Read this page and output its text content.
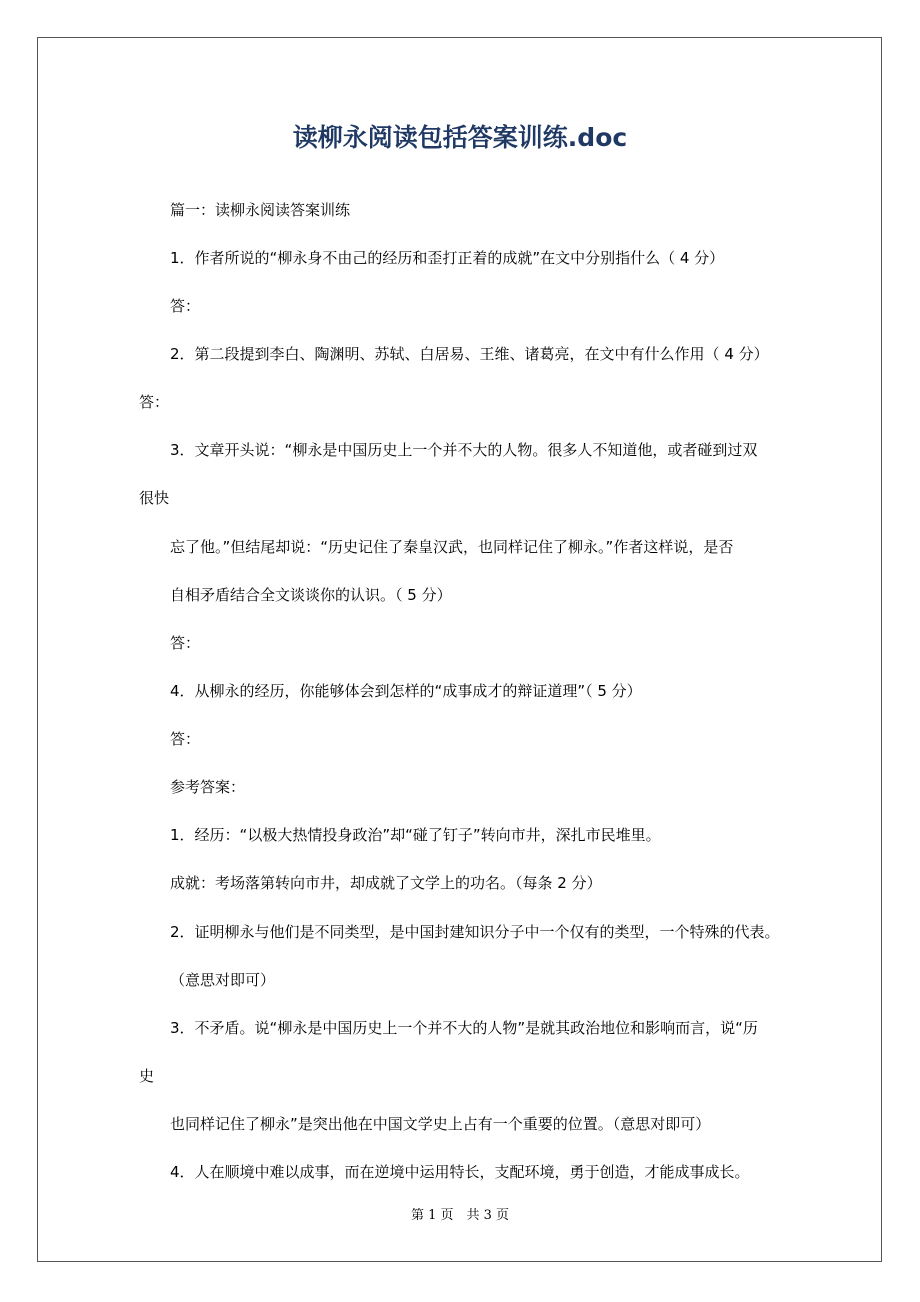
读柳永阅读包括答案训练.doc
篇一：读柳永阅读答案训练
1．作者所说的“柳永身不由己的经历和歪打正着的成就”在文中分别指什么（ 4 分）
答：
2．第二段提到李白、陶渊明、苏轼、白居易、王维、诸葛亮，在文中有什么作用（ 4 分）
答：
3．文章开头说：“柳永是中国历史上一个并不大的人物。很多人不知道他，或者碰到过双
很快
忘了他。”但结尾却说：“历史记住了秦皇汉武，也同样记住了柳永。”作者这样说，是否
自相矛盾结合全文谈谈你的认识。（ 5 分）
答：
4．从柳永的经历，你能够体会到怎样的“成事成才的辩证道理”（ 5 分）
答：
参考答案：
1．经历：“以极大热情投身政治”却“碰了钉子”转向市井，深扎市民堆里。
成就：考场落第转向市井，却成就了文学上的功名。（每条 2 分）
2．证明柳永与他们是不同类型，是中国封建知识分子中一个仅有的类型，一个特殊的代表。
（意思对即可）
3．不矛盾。说“柳永是中国历史上一个并不大的人物”是就其政治地位和影响而言，说“历
史
也同样记住了柳永”是突出他在中国文学史上占有一个重要的位置。（意思对即可）
4．人在顺境中难以成事，而在逆境中运用特长，支配环境，勇于创造，才能成事成长。
第 1 页　共 3 页
